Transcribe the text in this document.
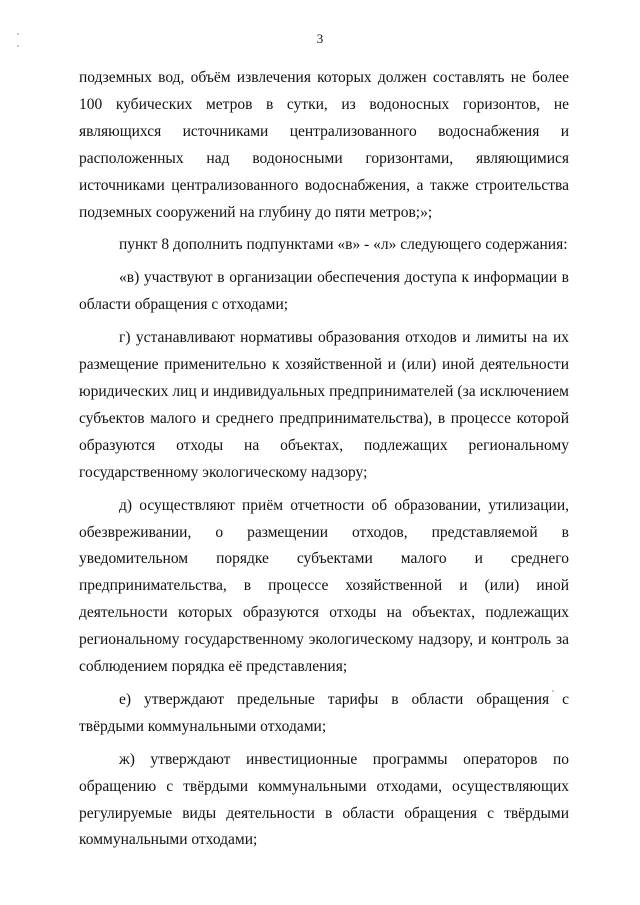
3

подземных вод, объём извлечения которых должен составлять не более 100 кубических метров в сутки, из водоносных горизонтов, не являющихся источниками централизованного водоснабжения и расположенных над водоносными горизонтами, являющимися источниками централизованного водоснабжения, а также строительства подземных сооружений на глубину до пяти метров;»;

пункт 8 дополнить подпунктами «в» - «л» следующего содержания:

«в) участвуют в организации обеспечения доступа к информации в области обращения с отходами;

г) устанавливают нормативы образования отходов и лимиты на их размещение применительно к хозяйственной и (или) иной деятельности юридических лиц и индивидуальных предпринимателей (за исключением субъектов малого и среднего предпринимательства), в процессе которой образуются отходы на объектах, подлежащих региональному государственному экологическому надзору;

д) осуществляют приём отчетности об образовании, утилизации, обезвреживании, о размещении отходов, представляемой в уведомительном порядке субъектами малого и среднего предпринимательства, в процессе хозяйственной и (или) иной деятельности которых образуются отходы на объектах, подлежащих региональному государственному экологическому надзору, и контроль за соблюдением порядка её представления;

е) утверждают предельные тарифы в области обращения с твёрдыми коммунальными отходами;

ж) утверждают инвестиционные программы операторов по обращению с твёрдыми коммунальными отходами, осуществляющих регулируемые виды деятельности в области обращения с твёрдыми коммунальными отходами;
